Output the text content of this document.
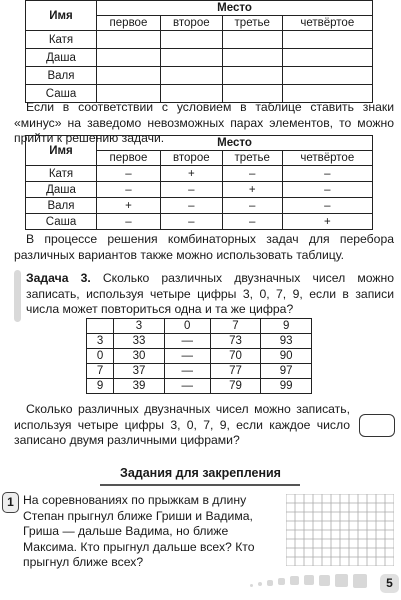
Имя	Место			
	первое	второе	третье	четвёртое
Катя				
Даша				
Валя				
Саша				
Если в соответствии с условием в таблице ставить знаки «минус» на заведомо невозможных парах элементов, то можно прийти к решению задачи.
Имя	Место			
	первое	второе	третье	четвёртое
Катя	–	+	–	–
Даша	–	–	+	–
Валя	+	–	–	–
Саша	–	–	–	+
В процессе решения комбинаторных задач для перебора различных вариантов также можно использовать таблицу.
Задача 3. Сколько различных двузначных чисел можно записать, используя четыре цифры 3, 0, 7, 9, если в записи числа может повториться одна и та же цифра?
	3	0	7	9
3	33	—	73	93
0	30	—	70	90
7	37	—	77	97
9	39	—	79	99
Сколько различных двузначных чисел можно записать, используя четыре цифры 3, 0, 7, 9, если каждое число записано двумя различными цифрами?
Задания для закрепления
1 На соревнованиях по прыжкам в длину Степан прыгнул ближе Гриши и Вадима, Гриша — дальше Вадима, но ближе Максима. Кто прыгнул дальше всех? Кто прыгнул ближе всех?
5
